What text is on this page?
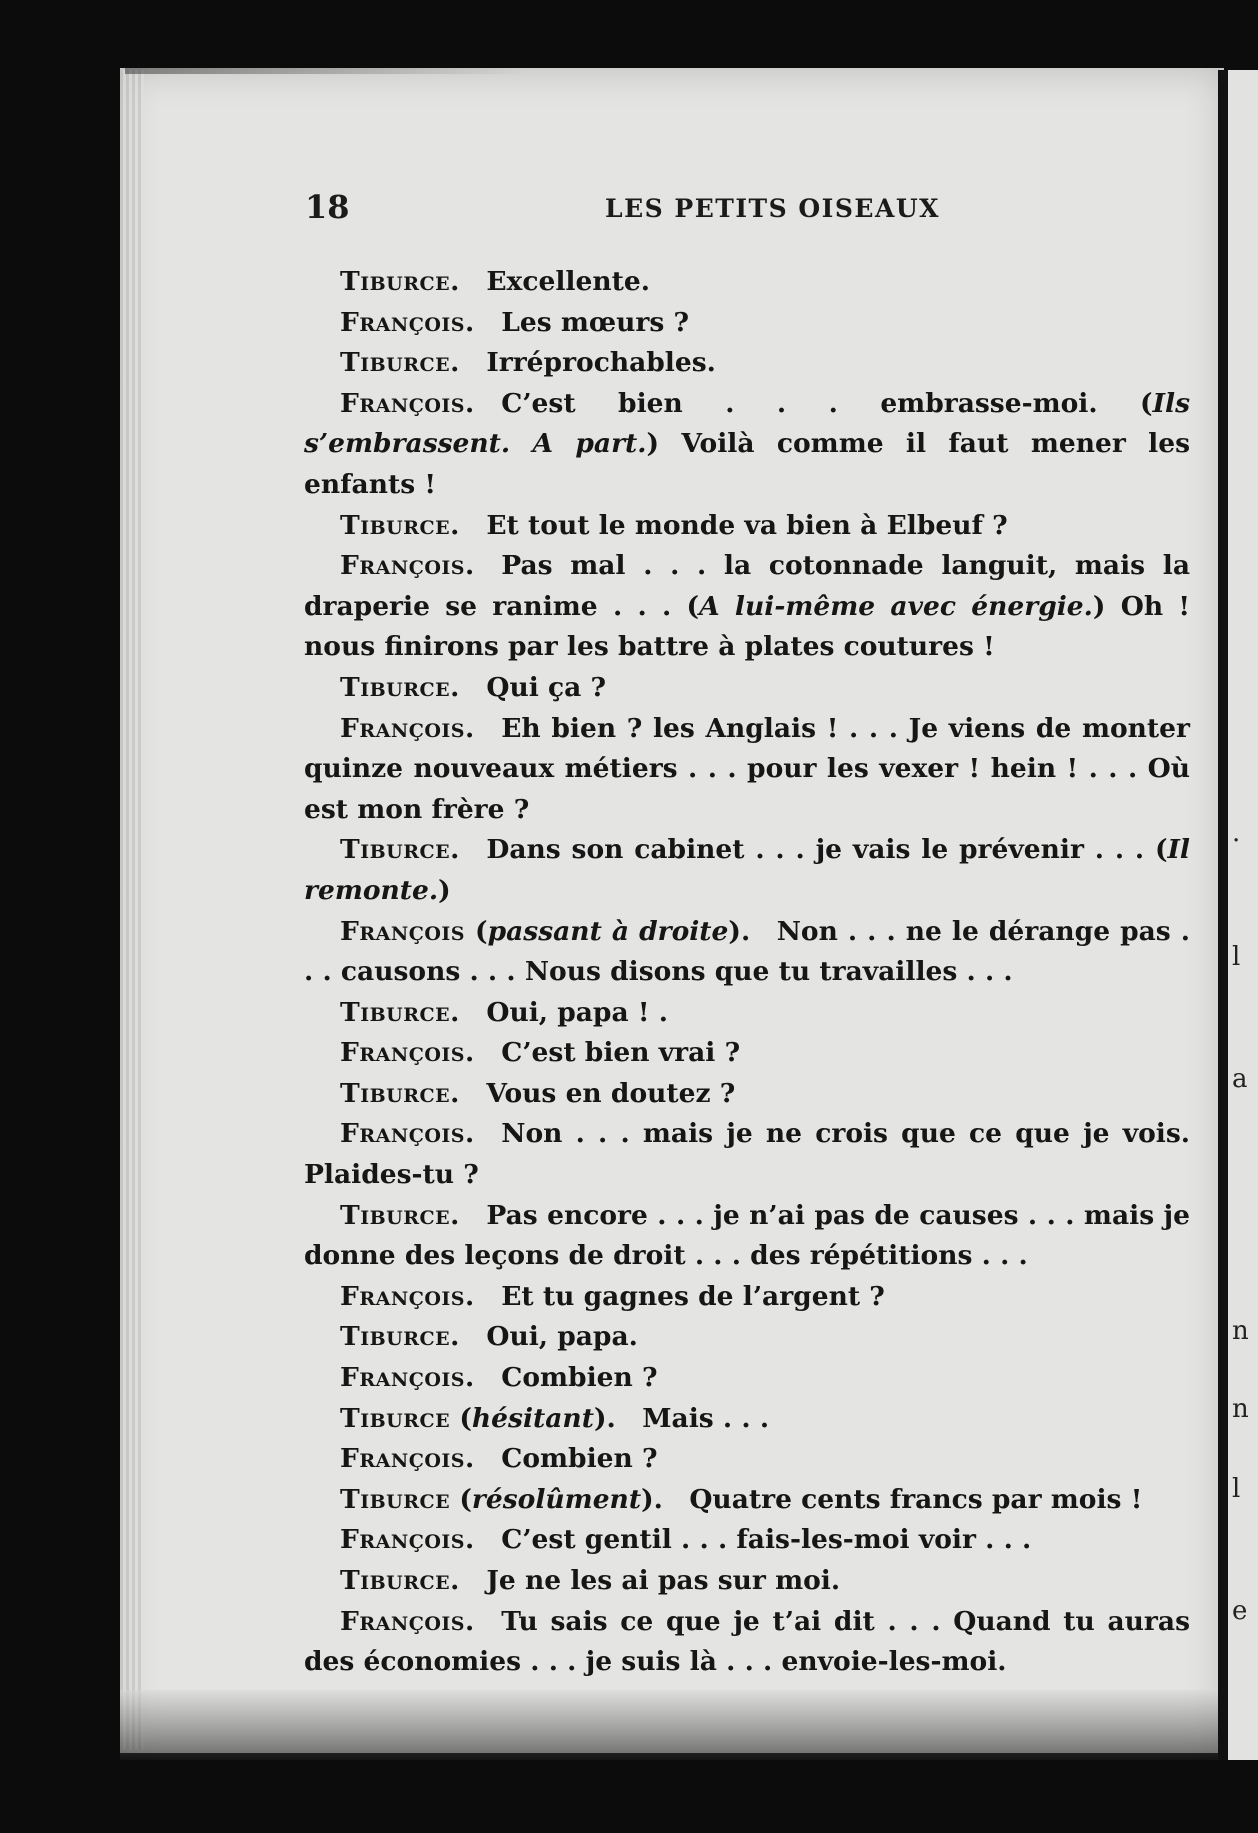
.
l
a
n
n
l
e
18	LES PETITS OISEAUX

Tiburce.  Excellente.

François.  Les mœurs ?

Tiburce.  Irréprochables.

François.  C’est bien . . . embrasse-moi. (Ils s’embrassent. A part.) Voilà comme il faut mener les enfants !

Tiburce.  Et tout le monde va bien à Elbeuf ?

François.  Pas mal . . . la cotonnade languit, mais la draperie se ranime . . . (A lui-même avec énergie.) Oh ! nous finirons par les battre à plates coutures !

Tiburce.  Qui ça ?

François.  Eh bien ? les Anglais ! . . . Je viens de monter quinze nouveaux métiers . . . pour les vexer ! hein ! . . . Où est mon frère ?

Tiburce.  Dans son cabinet . . . je vais le prévenir . . . (Il remonte.)

François (passant à droite).  Non . . . ne le dérange pas . . . causons . . . Nous disons que tu travailles . . .

Tiburce.  Oui, papa ! .

François.  C’est bien vrai ?

Tiburce.  Vous en doutez ?

François.  Non . . . mais je ne crois que ce que je vois. Plaides-tu ?

Tiburce.  Pas encore . . . je n’ai pas de causes . . . mais je donne des leçons de droit . . . des répétitions . . .

François.  Et tu gagnes de l’argent ?

Tiburce.  Oui, papa.

François.  Combien ?

Tiburce (hésitant).  Mais . . .

François.  Combien ?

Tiburce (résolûment).  Quatre cents francs par mois !

François.  C’est gentil . . . fais-les-moi voir . . .

Tiburce.  Je ne les ai pas sur moi.

François.  Tu sais ce que je t’ai dit . . . Quand tu auras des économies . . . je suis là . . . envoie-les-moi.
